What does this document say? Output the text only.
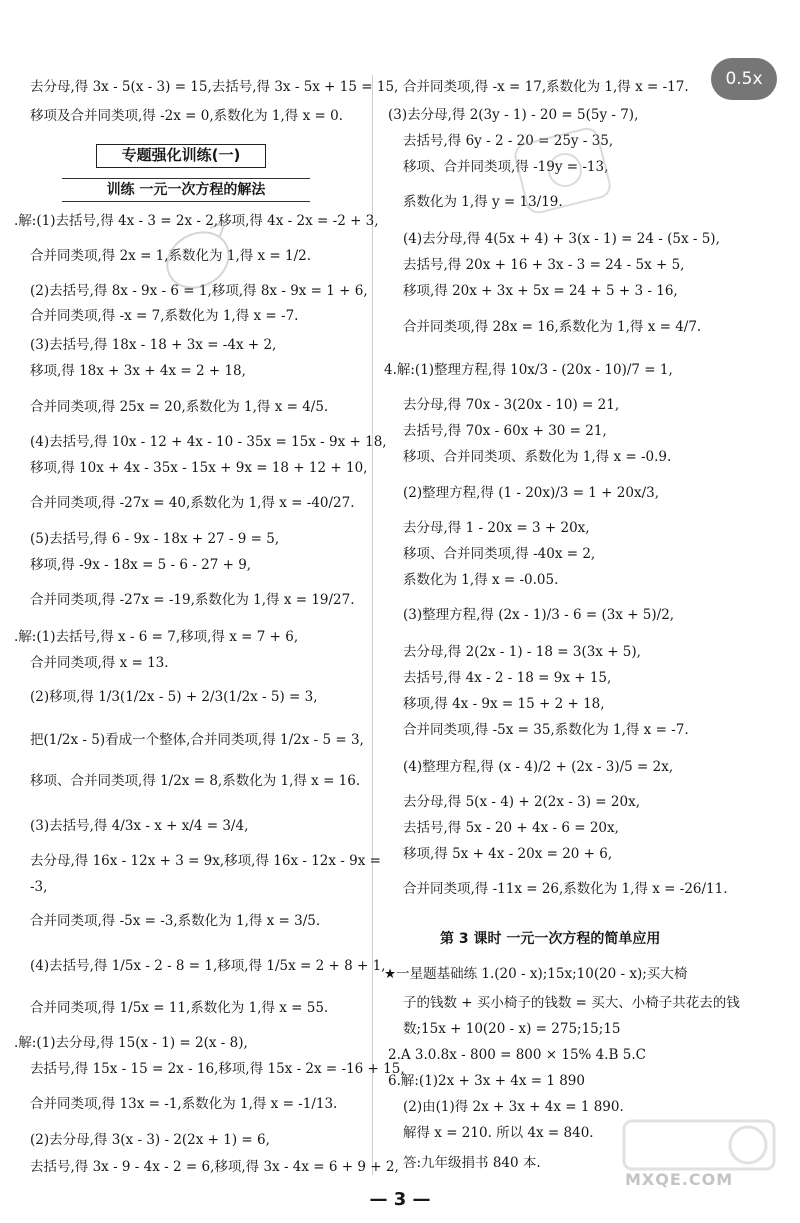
去分母,得 3x - 5(x - 3) = 15,去括号,得 3x - 5x + 15 = 15,
移项及合并同类项,得 -2x = 0,系数化为 1,得 x = 0.
专题强化训练(一)
训练 一元一次方程的解法
.解:(1)去括号,得 4x - 3 = 2x - 2,移项,得 4x - 2x = -2 + 3,
合并同类项,得 2x = 1,系数化为 1,得 x = 1/2.
(2)去括号,得 8x - 9x - 6 = 1,移项,得 8x - 9x = 1 + 6,
合并同类项,得 -x = 7,系数化为 1,得 x = -7.
(3)去括号,得 18x - 18 + 3x = -4x + 2,
移项,得 18x + 3x + 4x = 2 + 18,
合并同类项,得 25x = 20,系数化为 1,得 x = 4/5.
(4)去括号,得 10x - 12 + 4x - 10 - 35x = 15x - 9x + 18,
移项,得 10x + 4x - 35x - 15x + 9x = 18 + 12 + 10,
合并同类项,得 -27x = 40,系数化为 1,得 x = -40/27.
(5)去括号,得 6 - 9x - 18x + 27 - 9 = 5,
移项,得 -9x - 18x = 5 - 6 - 27 + 9,
合并同类项,得 -27x = -19,系数化为 1,得 x = 19/27.
.解:(1)去括号,得 x - 6 = 7,移项,得 x = 7 + 6,
合并同类项,得 x = 13.
(2)移项,得 1/3(1/2x - 5) + 2/3(1/2x - 5) = 3,
把(1/2x - 5)看成一个整体,合并同类项,得 1/2x - 5 = 3,
移项、合并同类项,得 1/2x = 8,系数化为 1,得 x = 16.
(3)去括号,得 4/3x - x + x/4 = 3/4,
去分母,得 16x - 12x + 3 = 9x,移项,得 16x - 12x - 9x =
-3,
合并同类项,得 -5x = -3,系数化为 1,得 x = 3/5.
(4)去括号,得 1/5x - 2 - 8 = 1,移项,得 1/5x = 2 + 8 + 1,
合并同类项,得 1/5x = 11,系数化为 1,得 x = 55.
.解:(1)去分母,得 15(x - 1) = 2(x - 8),
去括号,得 15x - 15 = 2x - 16,移项,得 15x - 2x = -16 + 15,
合并同类项,得 13x = -1,系数化为 1,得 x = -1/13.
(2)去分母,得 3(x - 3) - 2(2x + 1) = 6,
去括号,得 3x - 9 - 4x - 2 = 6,移项,得 3x - 4x = 6 + 9 + 2,
合并同类项,得 -x = 17,系数化为 1,得 x = -17.
(3)去分母,得 2(3y - 1) - 20 = 5(5y - 7),
去括号,得 6y - 2 - 20 = 25y - 35,
移项、合并同类项,得 -19y = -13,
系数化为 1,得 y = 13/19.
(4)去分母,得 4(5x + 4) + 3(x - 1) = 24 - (5x - 5),
去括号,得 20x + 16 + 3x - 3 = 24 - 5x + 5,
移项,得 20x + 3x + 5x = 24 + 5 + 3 - 16,
合并同类项,得 28x = 16,系数化为 1,得 x = 4/7.
4.解:(1)整理方程,得 10x/3 - (20x - 10)/7 = 1,
去分母,得 70x - 3(20x - 10) = 21,
去括号,得 70x - 60x + 30 = 21,
移项、合并同类项、系数化为 1,得 x = -0.9.
(2)整理方程,得 (1 - 20x)/3 = 1 + 20x/3,
去分母,得 1 - 20x = 3 + 20x,
移项、合并同类项,得 -40x = 2,
系数化为 1,得 x = -0.05.
(3)整理方程,得 (2x - 1)/3 - 6 = (3x + 5)/2,
去分母,得 2(2x - 1) - 18 = 3(3x + 5),
去括号,得 4x - 2 - 18 = 9x + 15,
移项,得 4x - 9x = 15 + 2 + 18,
合并同类项,得 -5x = 35,系数化为 1,得 x = -7.
(4)整理方程,得 (x - 4)/2 + (2x - 3)/5 = 2x,
去分母,得 5(x - 4) + 2(2x - 3) = 20x,
去括号,得 5x - 20 + 4x - 6 = 20x,
移项,得 5x + 4x - 20x = 20 + 6,
合并同类项,得 -11x = 26,系数化为 1,得 x = -26/11.
第 3 课时 一元一次方程的简单应用
★一星题基础练 1.(20 - x);15x;10(20 - x);买大椅
子的钱数 + 买小椅子的钱数 = 买大、小椅子共花去的钱
数;15x + 10(20 - x) = 275;15;15
2.A 3.0.8x - 800 = 800 × 15% 4.B 5.C
6.解:(1)2x + 3x + 4x = 1 890
(2)由(1)得 2x + 3x + 4x = 1 890.
解得 x = 210. 所以 4x = 840.
答:九年级捐书 840 本.
0.5x
MXQE.COM
— 3 —
